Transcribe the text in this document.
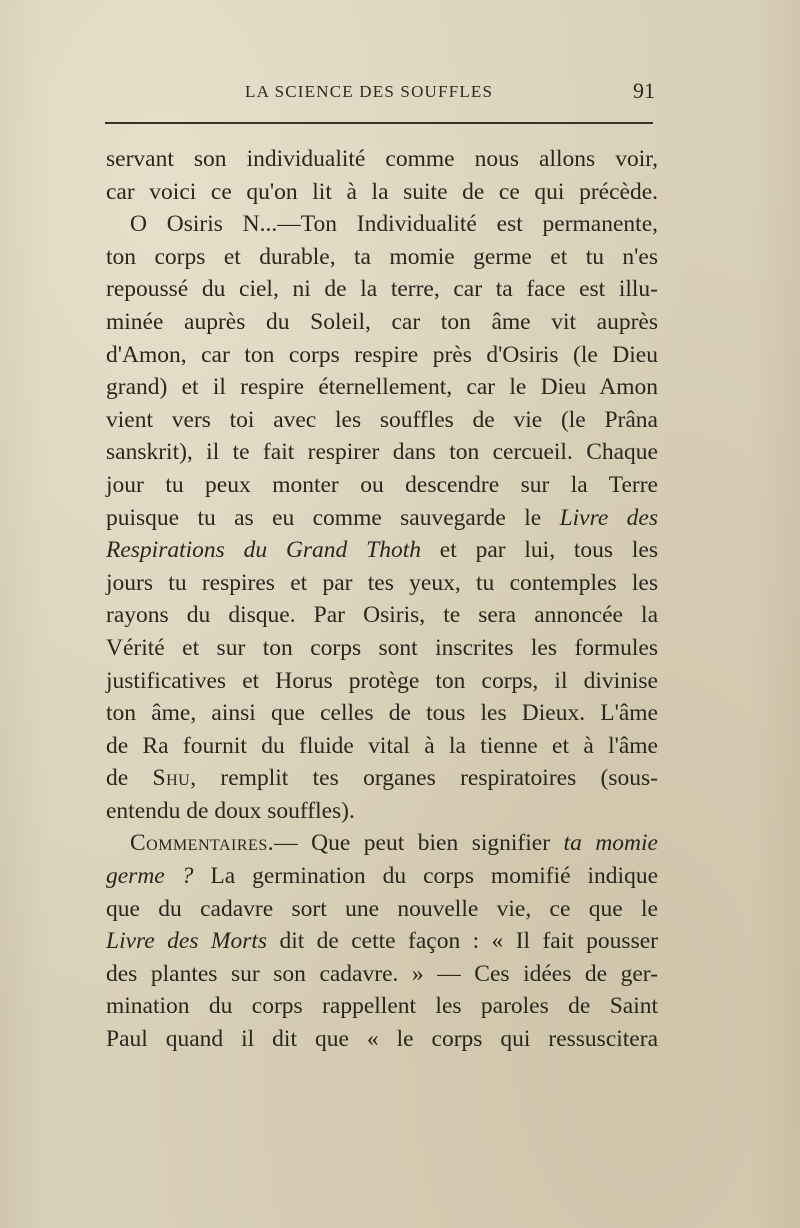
LA SCIENCE DES SOUFFLES	91
servant son individualité comme nous allons voir,
car voici ce qu'on lit à la suite de ce qui précède.
O Osiris N...—Ton Individualité est permanente,
ton corps et durable, ta momie germe et tu n'es
repoussé du ciel, ni de la terre, car ta face est illu-
minée auprès du Soleil, car ton âme vit auprès
d'Amon, car ton corps respire près d'Osiris (le Dieu
grand) et il respire éternellement, car le Dieu Amon
vient vers toi avec les souffles de vie (le Prâna
sanskrit), il te fait respirer dans ton cercueil. Chaque
jour tu peux monter ou descendre sur la Terre
puisque tu as eu comme sauvegarde le Livre des
Respirations du Grand Thoth et par lui, tous les
jours tu respires et par tes yeux, tu contemples les
rayons du disque. Par Osiris, te sera annoncée la
Vérité et sur ton corps sont inscrites les formules
justificatives et Horus protège ton corps, il divinise
ton âme, ainsi que celles de tous les Dieux. L'âme
de Ra fournit du fluide vital à la tienne et à l'âme
de Shu, remplit tes organes respiratoires (sous-
entendu de doux souffles).
Commentaires.— Que peut bien signifier ta momie
germe ? La germination du corps momifié indique
que du cadavre sort une nouvelle vie, ce que le
Livre des Morts dit de cette façon : « Il fait pousser
des plantes sur son cadavre. » — Ces idées de ger-
mination du corps rappellent les paroles de Saint
Paul quand il dit que « le corps qui ressuscitera
